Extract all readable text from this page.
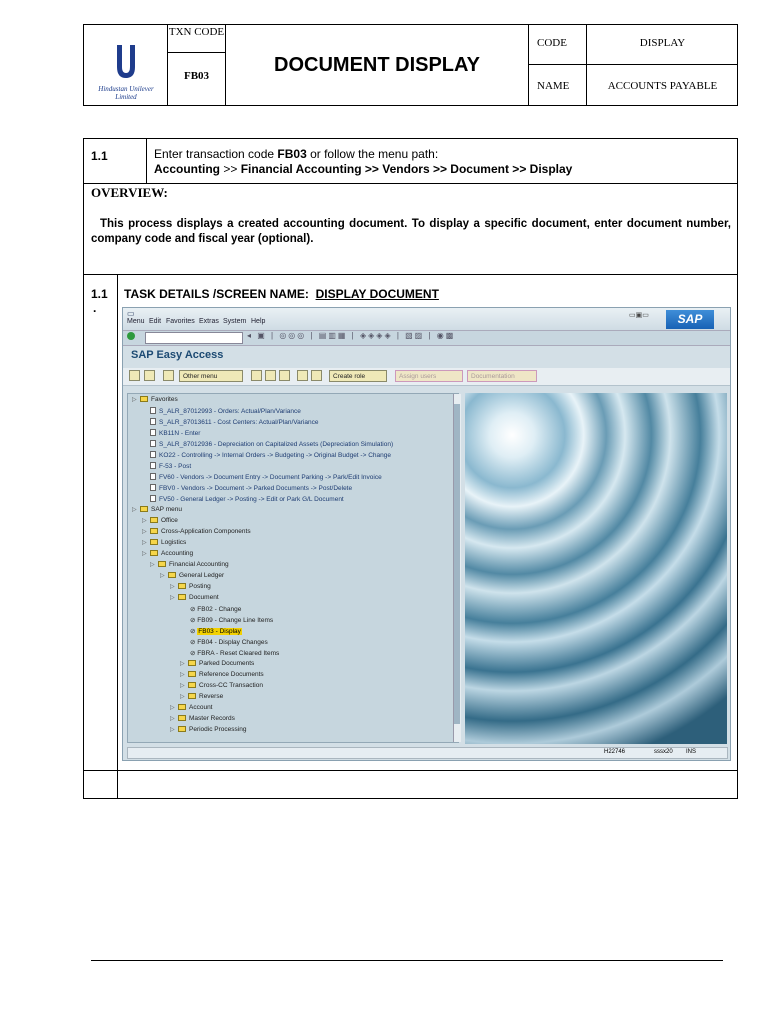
Hindustan Unilever Limited
TXN CODE
FB03	DOCUMENT DISPLAY
CODE	DISPLAY
NAME	ACCOUNTS PAYABLE
1.1	Enter transaction code FB03 or follow the menu path:
Accounting >> Financial Accounting >> Vendors >> Document >> Display
OVERVIEW:
This process displays a created accounting document. To display a specific document, enter document number, company code and fiscal year (optional).
1.1
.
TASK DETAILS /SCREEN NAME:  DISPLAY DOCUMENT
▭
Menu Edit Favorites Extras System Help
▭▣▭	SAP
◂ ▣ | ◎◎◎ | ▤▥▦ | ◈◈◈◈ | ▧▨ | ◉▩
SAP Easy Access
Other menu	Create role	Assign users	Documentation
▷ Favorites
S_ALR_87012993 - Orders: Actual/Plan/Variance
S_ALR_87013611 - Cost Centers: Actual/Plan/Variance
KB11N - Enter
S_ALR_87012936 - Depreciation on Capitalized Assets (Depreciation Simulation)
KO22 - Controlling -> Internal Orders -> Budgeting -> Original Budget -> Change
F-53 - Post
FV60 - Vendors -> Document Entry -> Document Parking -> Park/Edit Invoice
FBV0 - Vendors -> Document -> Parked Documents -> Post/Delete
FV50 - General Ledger -> Posting -> Edit or Park G/L Document
▷ SAP menu
▷ Office
▷ Cross-Application Components
▷ Logistics
▷ Accounting
▷ Financial Accounting
▷ General Ledger
▷ Posting
▷ Document
⊘ FB02 - Change
⊘ FB09 - Change Line Items
⊘ FB03 - Display
⊘ FB04 - Display Changes
⊘ FBRA - Reset Cleared Items
▷ Parked Documents
▷ Reference Documents
▷ Cross-CC Transaction
▷ Reverse
▷ Account
▷ Master Records
▷ Periodic Processing
H22746	sssx20 INS
